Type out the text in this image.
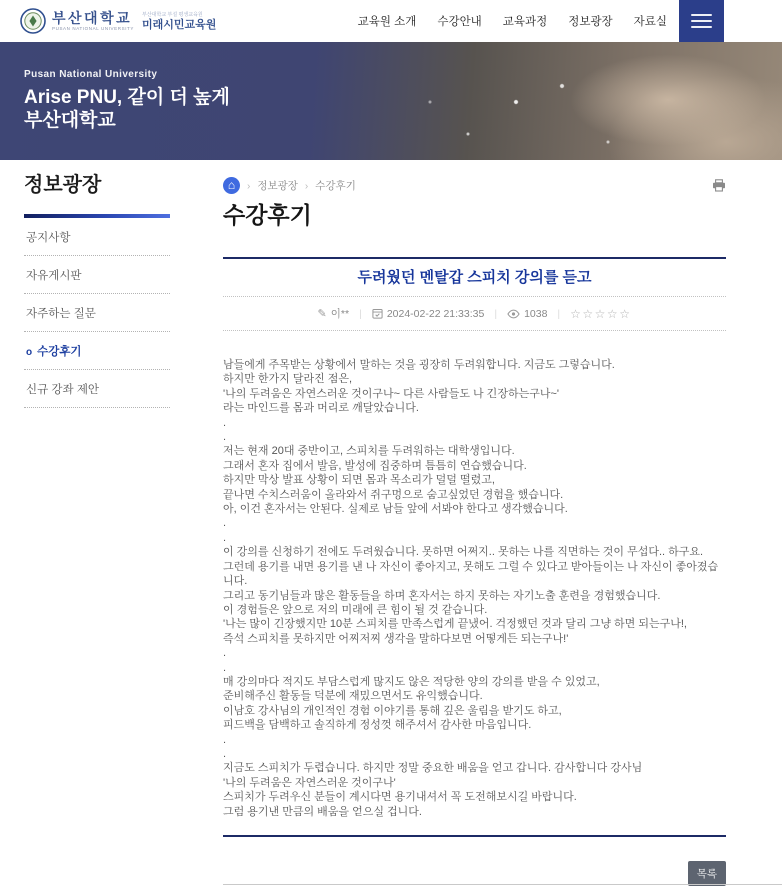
부산대학교
PUSAN NATIONAL UNIVERSITY
부산대학교 부설 평생교육원
미래시민교육원	교육원 소개 수강안내 교육과정 정보광장 자료실
Pusan National University
Arise PNU, 같이 더 높게
부산대학교
정보광장
공지사항
자유게시판
자주하는 질문
o 수강후기
신규 강좌 제안
⌂	› 정보광장 › 수강후기
수강후기
두려웠던 멘탈갑 스피치 강의를 듣고
✎ 이** | 2024-02-22 21:33:35 |	1038 | ☆☆☆☆☆
남들에게 주목받는 상황에서 말하는 것을 굉장히 두려워합니다. 지금도 그렇습니다.
하지만 한가지 달라진 점은,
'나의 두려움은 자연스러운 것이구나~ 다른 사람들도 나 긴장하는구나~'
라는 마인드를 몸과 머리로 깨달았습니다.
.
.
저는 현재 20대 중반이고, 스피치를 두려워하는 대학생입니다.
그래서 혼자 집에서 발음, 발성에 집중하며 틈틈히 연습했습니다.
하지만 막상 발표 상황이 되면 몸과 목소리가 덜덜 떨렸고,
끝나면 수치스러움이 올라와서 쥐구멍으로 숨고싶었던 경험을 했습니다.
아, 이건 혼자서는 안된다. 실제로 남들 앞에 서봐야 한다고 생각했습니다.
.
.
이 강의를 신청하기 전에도 두려웠습니다. 못하면 어쩌지.. 못하는 나를 직면하는 것이 무섭다.. 하구요.
그런데 용기를 내면 용기를 낸 나 자신이 좋아지고, 못해도 그럴 수 있다고 받아들이는 나 자신이 좋아졌습니다.
그리고 동기님들과 많은 활동들을 하며 혼자서는 하지 못하는 자기노출 훈련을 경험했습니다.
이 경험들은 앞으로 저의 미래에 큰 힘이 될 것 같습니다.
'나는 많이 긴장했지만 10분 스피치를 만족스럽게 끝냈어. 걱정했던 것과 달리 그냥 하면 되는구나!,
즉석 스피치를 못하지만 어찌저찌 생각을 말하다보면 어떻게든 되는구나!'
.
.
매 강의마다 적지도 부담스럽게 많지도 않은 적당한 양의 강의를 받을 수 있었고,
준비해주신 활동들 덕분에 재밌으면서도 유익했습니다.
이남호 강사님의 개인적인 경험 이야기를 통해 깊은 울림을 받기도 하고,
피드백을 담백하고 솔직하게 정성껏 해주셔서 감사한 마음입니다.
.
.
지금도 스피치가 두렵습니다. 하지만 정말 중요한 배움을 얻고 갑니다. 감사합니다 강사님
'나의 두려움은 자연스러운 것이구나'
스피치가 두려우신 분들이 계시다면 용기내셔서 꼭 도전해보시길 바랍니다.
그럼 용기낸 만큼의 배움을 얻으실 겁니다.
목록
